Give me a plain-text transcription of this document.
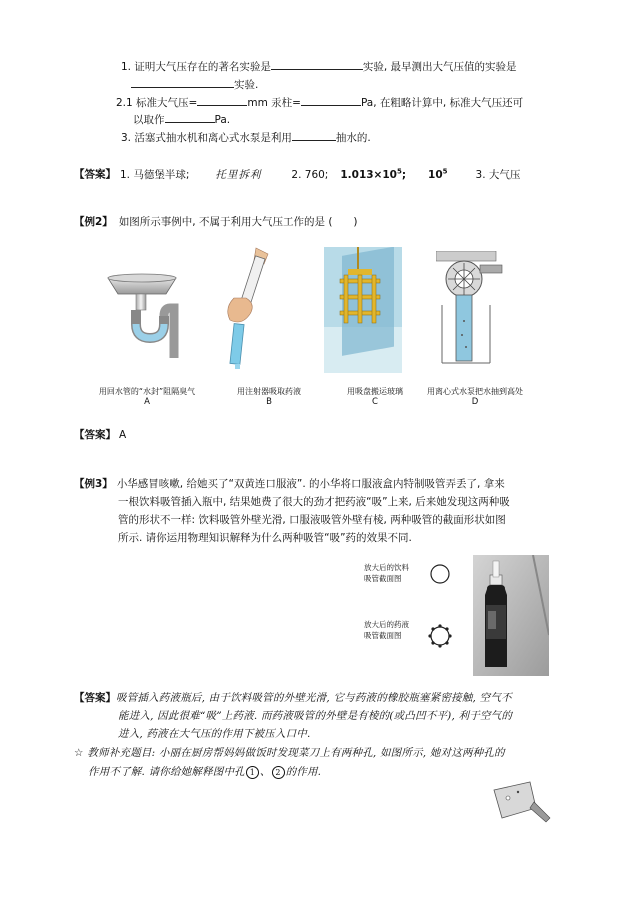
1. 证明大气压存在的著名实验是	实验, 最早测出大气压值的实验是
实验.
2.1 标准大气压=	mm 汞柱=	Pa, 在粗略计算中, 标准大气压还可
以取作	Pa.
3. 活塞式抽水机和离心式水泵是利用	抽水的.
【答案】 1. 马德堡半球; 托里拆利	2. 760; $1.013\times 10^5$; $10^5$	3. 大气压
【例2】 如图所示事例中, 不属于利用大气压工作的是 (　　)
用回水管的“水封”阻隔臭气
A
用注射器吸取药液
B
用吸盘搬运玻璃
C
用离心式水泵把水抽到高处
D
【答案】 A
【例3】 小华感冒咳嗽, 给她买了“双黄连口服液”. 的小华将口服液盒内特制吸管弄丢了, 拿来
一根饮料吸管插入瓶中, 结果她费了很大的劲才把药液“吸”上来, 后来她发现这两种吸
管的形状不一样: 饮料吸管外壁光滑, 口服液吸管外壁有棱, 两种吸管的截面形状如图
所示. 请你运用物理知识解释为什么两种吸管“吸”药的效果不同.
放大后的饮料
吸管截面图
放大后的药液
吸管截面图
【答案】吸管插入药液瓶后, 由于饮料吸管的外壁光滑, 它与药液的橡胶瓶塞紧密接触, 空气不
能进入, 因此很难“吸”上药液. 而药液吸管的外壁是有棱的(或凸凹不平), 利于空气的
进入, 药液在大气压的作用下被压入口中.
☆ 教师补充题目: 小丽在厨房帮妈妈做饭时发现菜刀上有两种孔, 如图所示, 她对这两种孔的
作用不了解. 请你给她解释图中孔 1 、 2 的作用.
